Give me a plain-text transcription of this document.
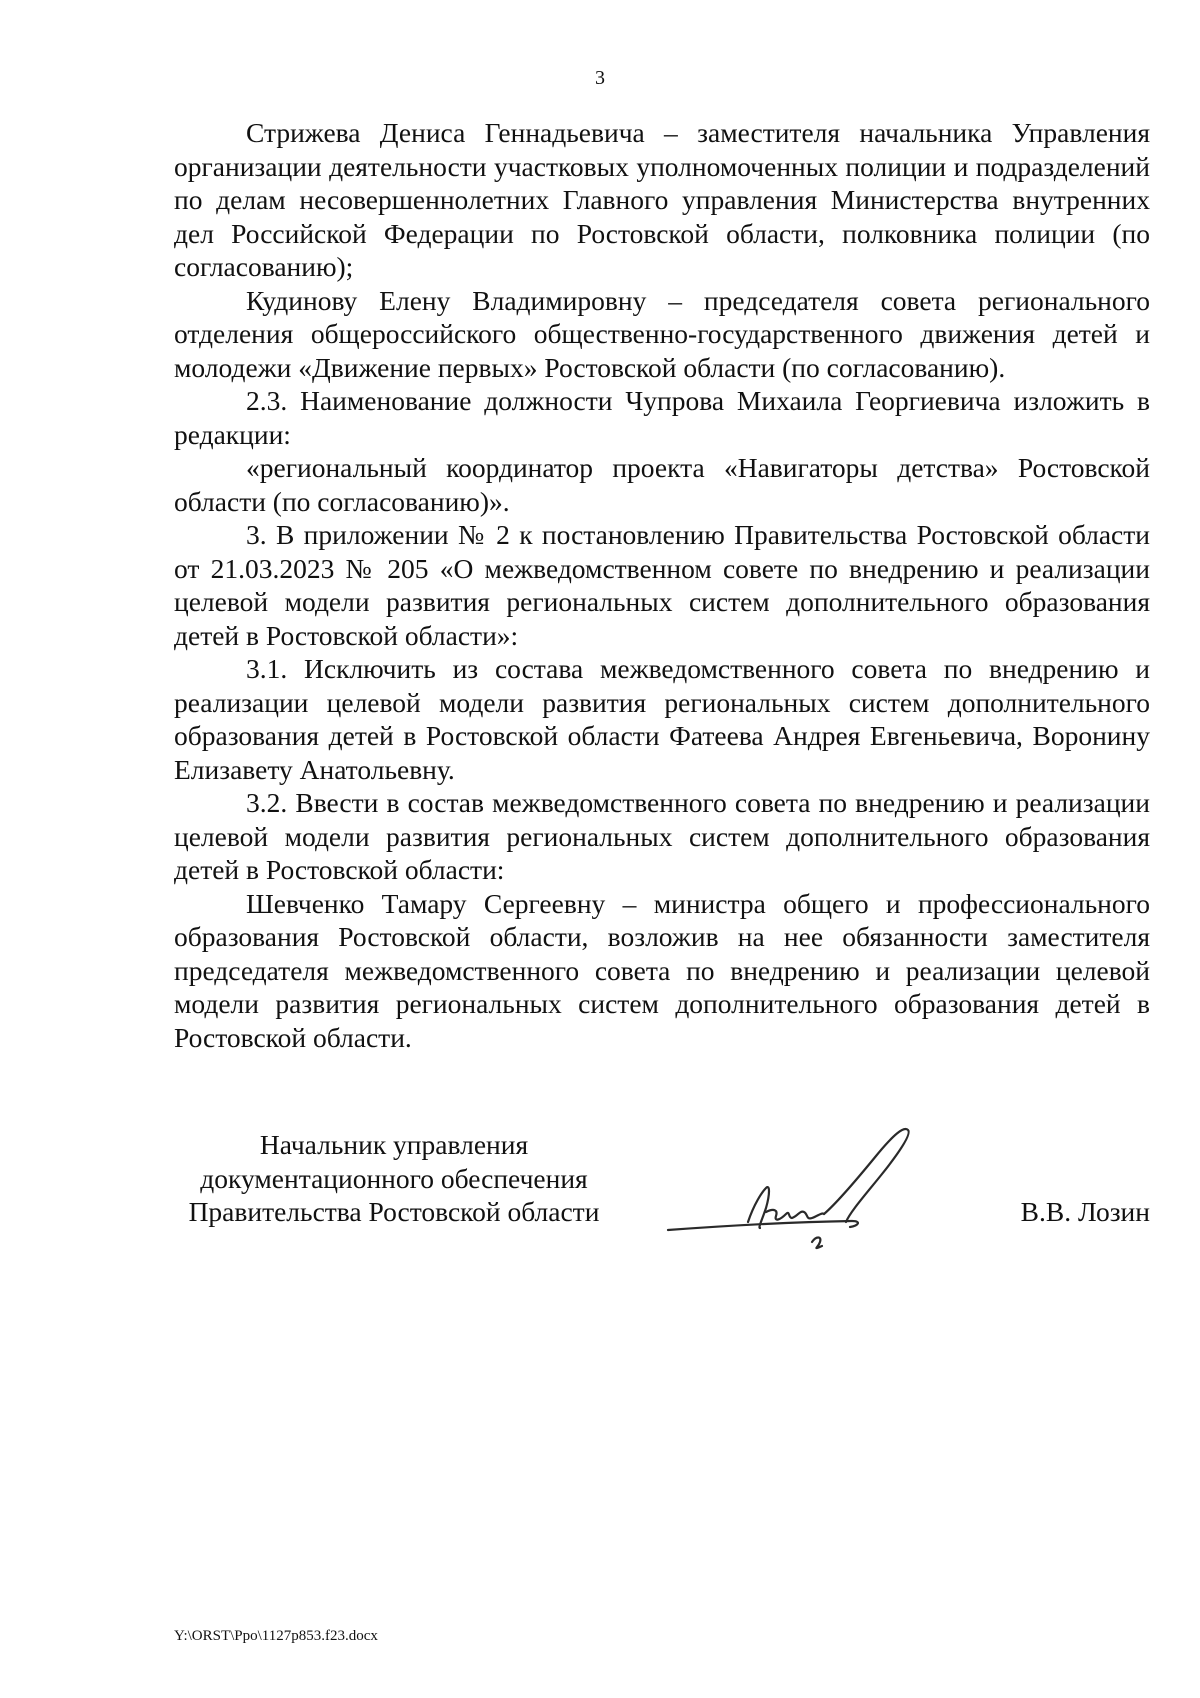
3

Стрижева Дениса Геннадьевича – заместителя начальника Управления организации деятельности участковых уполномоченных полиции и подразделений по делам несовершеннолетних Главного управления Министерства внутренних дел Российской Федерации по Ростовской области, полковника полиции (по согласованию);

Кудинову Елену Владимировну – председателя совета регионального отделения общероссийского общественно-государственного движения детей и молодежи «Движение первых» Ростовской области (по согласованию).

2.3. Наименование должности Чупрова Михаила Георгиевича изложить в редакции:

«региональный координатор проекта «Навигаторы детства» Ростовской области (по согласованию)».

3. В приложении № 2 к постановлению Правительства Ростовской области от 21.03.2023 № 205 «О межведомственном совете по внедрению и реализации целевой модели развития региональных систем дополнительного образования детей в Ростовской области»:

3.1. Исключить из состава межведомственного совета по внедрению и реализации целевой модели развития региональных систем дополнительного образования детей в Ростовской области Фатеева Андрея Евгеньевича, Воронину Елизавету Анатольевну.

3.2. Ввести в состав межведомственного совета по внедрению и реализации целевой модели развития региональных систем дополнительного образования детей в Ростовской области:

Шевченко Тамару Сергеевну – министра общего и профессионального образования Ростовской области, возложив на нее обязанности заместителя председателя межведомственного совета по внедрению и реализации целевой модели развития региональных систем дополнительного образования детей в Ростовской области.

Начальник управления
документационного обеспечения
Правительства Ростовской области	В.В. Лозин
Y:\ORST\Ppo\1127p853.f23.docx
